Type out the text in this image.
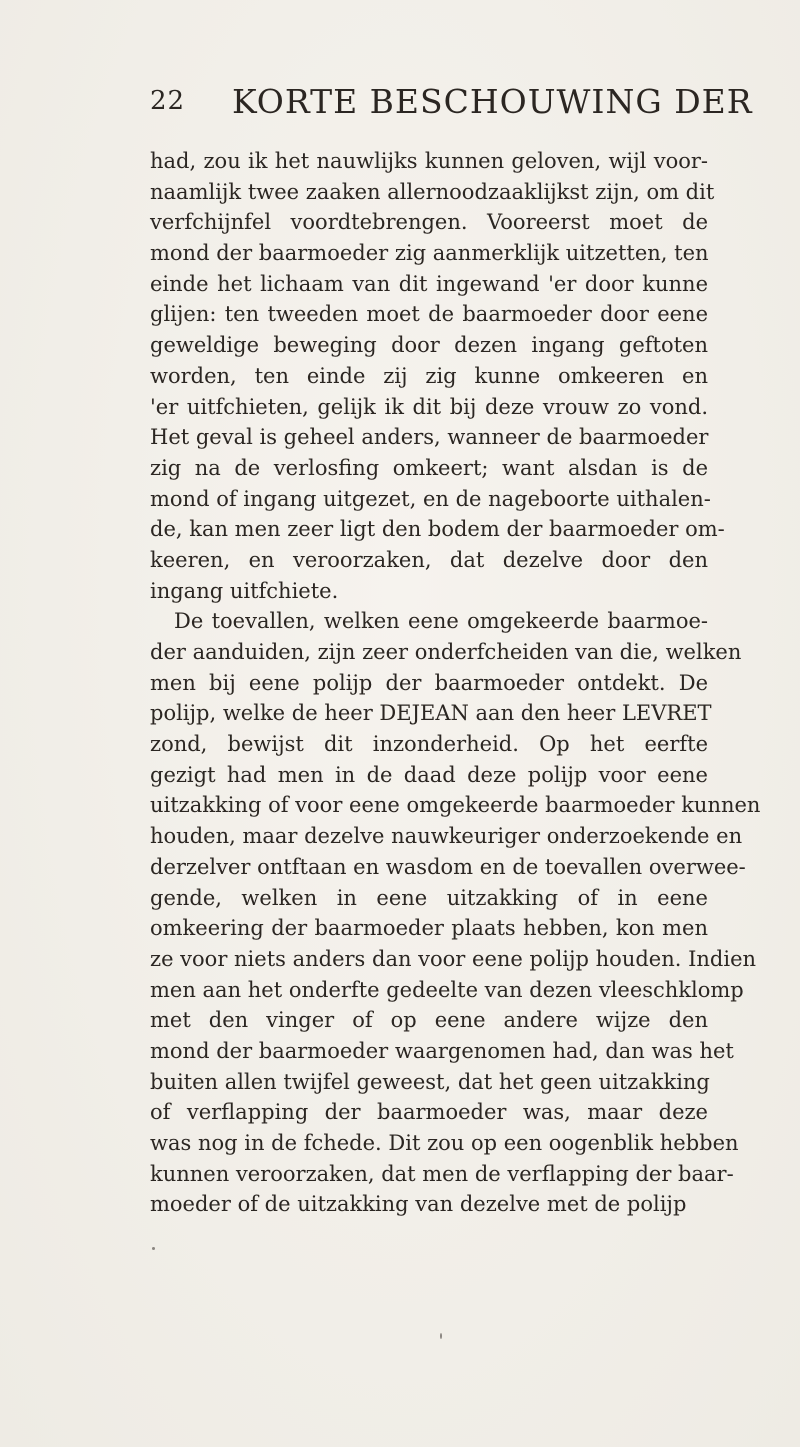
22 KORTE BESCHOUWING DER
had, zou ik het nauwlijks kunnen geloven, wijl voor-
naamlijk twee zaaken allernoodzaaklijkst zijn, om dit
verfchijnfel voordtebrengen. Vooreerst moet de
mond der baarmoeder zig aanmerklijk uitzetten, ten
einde het lichaam van dit ingewand 'er door kunne
glijen: ten tweeden moet de baarmoeder door eene
geweldige beweging door dezen ingang geftoten
worden, ten einde zij zig kunne omkeeren en
'er uitfchieten, gelijk ik dit bij deze vrouw zo vond.
Het geval is geheel anders, wanneer de baarmoeder
zig na de verlosfing omkeert; want alsdan is de
mond of ingang uitgezet, en de nageboorte uithalen-
de, kan men zeer ligt den bodem der baarmoeder om-
keeren, en veroorzaken, dat dezelve door den
ingang uitfchiete.
De toevallen, welken eene omgekeerde baarmoe-
der aanduiden, zijn zeer onderfcheiden van die, welken
men bij eene polijp der baarmoeder ontdekt. De
polijp, welke de heer DEJEAN aan den heer LEVRET
zond, bewijst dit inzonderheid. Op het eerfte
gezigt had men in de daad deze polijp voor eene
uitzakking of voor eene omgekeerde baarmoeder kunnen
houden, maar dezelve nauwkeuriger onderzoekende en
derzelver ontftaan en wasdom en de toevallen overwee-
gende, welken in eene uitzakking of in eene
omkeering der baarmoeder plaats hebben, kon men
ze voor niets anders dan voor eene polijp houden. Indien
men aan het onderfte gedeelte van dezen vleeschklomp
met den vinger of op eene andere wijze den
mond der baarmoeder waargenomen had, dan was het
buiten allen twijfel geweest, dat het geen uitzakking
of verflapping der baarmoeder was, maar deze
was nog in de fchede. Dit zou op een oogenblik hebben
kunnen veroorzaken, dat men de verflapping der baar-
moeder of de uitzakking van dezelve met de polijp
